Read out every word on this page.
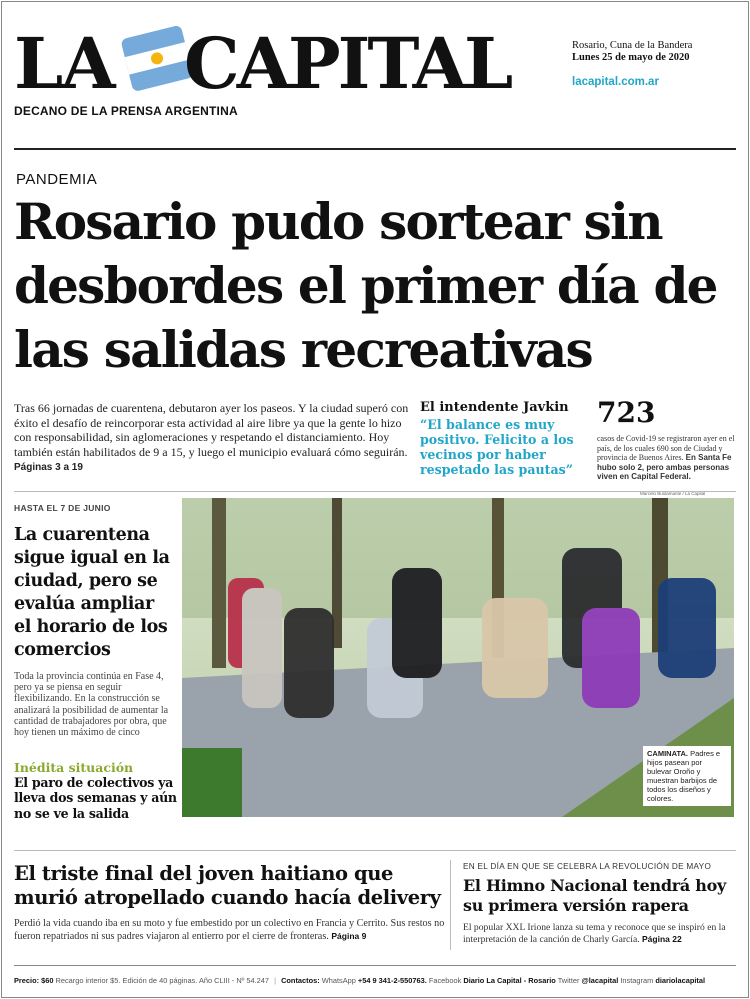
LA CAPITAL
DECANO DE LA PRENSA ARGENTINA
Rosario, Cuna de la Bandera
Lunes 25 de mayo de 2020
lacapital.com.ar
PANDEMIA
Rosario pudo sortear sin desbordes el primer día de las salidas recreativas

Tras 66 jornadas de cuarentena, debutaron ayer los paseos. Y la ciudad superó con éxito el desafío de reincorporar esta actividad al aire libre ya que la gente lo hizo con responsabilidad, sin aglomeraciones y respetando el distanciamiento. Hoy también están habilitados de 9 a 15, y luego el municipio evaluará cómo seguirán. Páginas 3 a 19

El intendente Javkin
“El balance es muy positivo. Felicito a los vecinos por haber respetado las pautas”
723

casos de Covid-19 se registraron ayer en el país, de los cuales 690 son de Ciudad y provincia de Buenos Aires. En Santa Fe hubo solo 2, pero ambas personas viven en Capital Federal.

HASTA EL 7 DE JUNIO
La cuarentena sigue igual en la ciudad, pero se evalúa ampliar el horario de los comercios

Toda la provincia continúa en Fase 4, pero ya se piensa en seguir flexibilizando. En la construcción se analizará la posibilidad de aumentar la cantidad de trabajadores por obra, que hoy tienen un máximo de cinco

Inédita situación
El paro de colectivos ya lleva dos semanas y aún no se ve la salida
Marcelo Bustamante / La Capital
CAMINATA. Padres e hijos pasean por bulevar Oroño y muestran barbijos de todos los diseños y colores.
El triste final del joven haitiano que murió atropellado cuando hacía delivery

Perdió la vida cuando iba en su moto y fue embestido por un colectivo en Francia y Cerrito. Sus restos no fueron repatriados ni sus padres viajaron al entierro por el cierre de fronteras. Página 9

EN EL DÍA EN QUE SE CELEBRA LA REVOLUCIÓN DE MAYO
El Himno Nacional tendrá hoy su primera versión rapera

El popular XXL Irione lanza su tema y reconoce que se inspiró en la interpretación de la canción de Charly García. Página 22

Precio: $60 Recargo interior $5. Edición de 40 páginas. Año CLIII - Nº 54.247 | Contactos: WhatsApp +54 9 341-2-550763. Facebook Diario La Capital - Rosario Twitter @lacapital Instagram diariolacapital
